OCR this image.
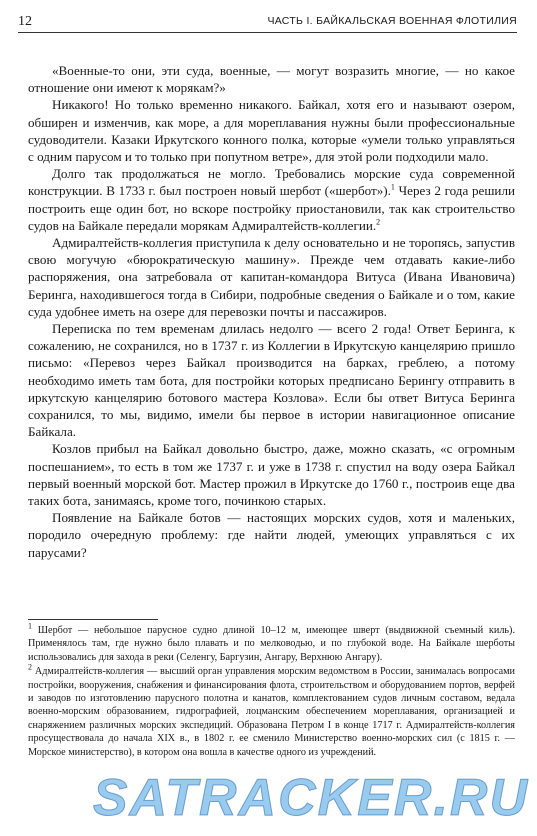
12	ЧАСТЬ I. БАЙКАЛЬСКАЯ ВОЕННАЯ ФЛОТИЛИЯ

«Военные-то они, эти суда, военные, — могут возразить многие, — но какое отношение они имеют к морякам?»

Никакого! Но только временно никакого. Байкал, хотя его и называют озером, обширен и изменчив, как море, а для мореплавания нужны были профессиональные судоводители. Казаки Иркутского конного полка, которые «умели только управляться с одним парусом и то только при попутном ветре», для этой роли подходили мало.

Долго так продолжаться не могло. Требовались морские суда современной конструкции. В 1733 г. был построен новый шербот («шербот»).$^1$ Через 2 года решили построить еще один бот, но вскоре постройку приостановили, так как строительство судов на Байкале передали морякам Адмиралтейств-коллегии.$^2$

Адмиралтейств-коллегия приступила к делу основательно и не торопясь, запустив свою могучую «бюрократическую машину». Прежде чем отдавать какие-либо распоряжения, она затребовала от капитан-командора Витуса (Ивана Ивановича) Беринга, находившегося тогда в Сибири, подробные сведения о Байкале и о том, какие суда удобнее иметь на озере для перевозки почты и пассажиров.

Переписка по тем временам длилась недолго — всего 2 года! Ответ Беринга, к сожалению, не сохранился, но в 1737 г. из Коллегии в Иркутскую канцелярию пришло письмо: «Перевоз через Байкал производится на барках, греблею, а потому необходимо иметь там бота, для постройки которых предписано Берингу отправить в иркутскую канцелярию ботового мастера Козлова». Если бы ответ Витуса Беринга сохранился, то мы, видимо, имели бы первое в истории навигационное описание Байкала.

Козлов прибыл на Байкал довольно быстро, даже, можно сказать, «с огромным поспешанием», то есть в том же 1737 г. и уже в 1738 г. спустил на воду озера Байкал первый военный морской бот. Мастер прожил в Иркутске до 1760 г., построив еще два таких бота, занимаясь, кроме того, починкою старых.

Появление на Байкале ботов — настоящих морских судов, хотя и маленьких, породило очередную проблему: где найти людей, умеющих управляться с их парусами?

$^1$ Шербот — небольшое парусное судно длиной 10–12 м, имеющее шверт (выдвижной съемный киль). Применялось там, где нужно было плавать и по мелководью, и по глубокой воде. На Байкале шерботы использовались для захода в реки (Селенгу, Баргузин, Ангару, Верхнюю Ангару).

$^2$ Адмиралтейств-коллегия — высший орган управления морским ведомством в России, занималась вопросами постройки, вооружения, снабжения и финансирования флота, строительством и оборудованием портов, верфей и заводов по изготовлению парусного полотна и канатов, комплектованием судов личным составом, ведала военно-морским образованием, гидрографией, лоцманским обеспечением мореплавания, организацией и снаряжением различных морских экспедиций. Образована Петром I в конце 1717 г. Адмиралтейств-коллегия просуществовала до начала XIX в., в 1802 г. ее сменило Министерство военно-морских сил (с 1815 г. — Морское министерство), в котором она вошла в качестве одного из учреждений.

SATRACKER.RU
